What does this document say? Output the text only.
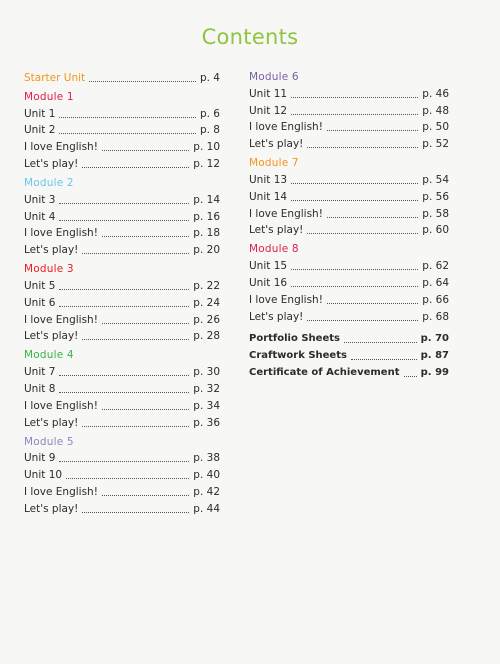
Contents
Starter Unit	p. 4
Module 1
Unit 1	p. 6
Unit 2	p. 8
I love English!	p. 10
Let's play!	p. 12
Module 2
Unit 3	p. 14
Unit 4	p. 16
I love English!	p. 18
Let's play!	p. 20
Module 3
Unit 5	p. 22
Unit 6	p. 24
I love English!	p. 26
Let's play!	p. 28
Module 4
Unit 7	p. 30
Unit 8	p. 32
I love English!	p. 34
Let's play!	p. 36
Module 5
Unit 9	p. 38
Unit 10	p. 40
I love English!	p. 42
Let's play!	p. 44
Module 6
Unit 11	p. 46
Unit 12	p. 48
I love English!	p. 50
Let's play!	p. 52
Module 7
Unit 13	p. 54
Unit 14	p. 56
I love English!	p. 58
Let's play!	p. 60
Module 8
Unit 15	p. 62
Unit 16	p. 64
I love English!	p. 66
Let's play!	p. 68
Portfolio Sheets	p. 70
Craftwork Sheets	p. 87
Certificate of Achievement p. 99
